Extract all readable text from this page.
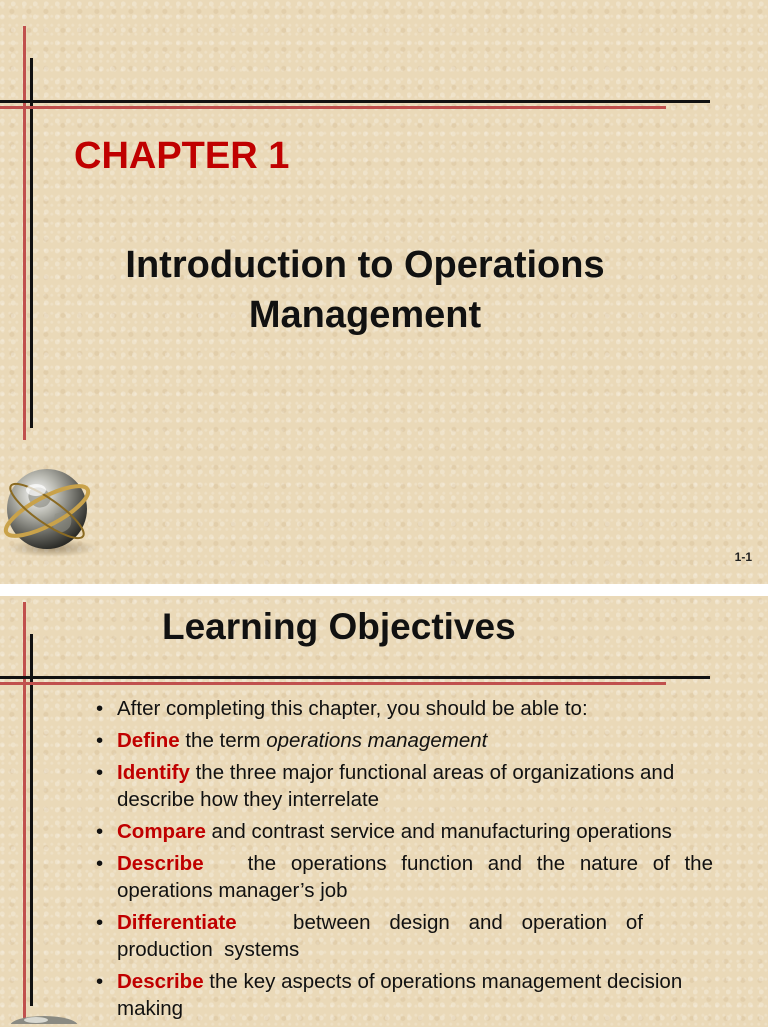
CHAPTER 1
Introduction to Operations
Management
1-1
Learning Objectives
• After completing this chapter, you should be able to:
• Define the term operations management
• Identify the three major functional areas of organizations and describe how they interrelate
• Compare and contrast service and manufacturing operations
• Describe   the operations function and the nature of the  operations manager’s job
• Differentiate   between design and operation of production  systems
• Describe the key aspects of operations management decision making
